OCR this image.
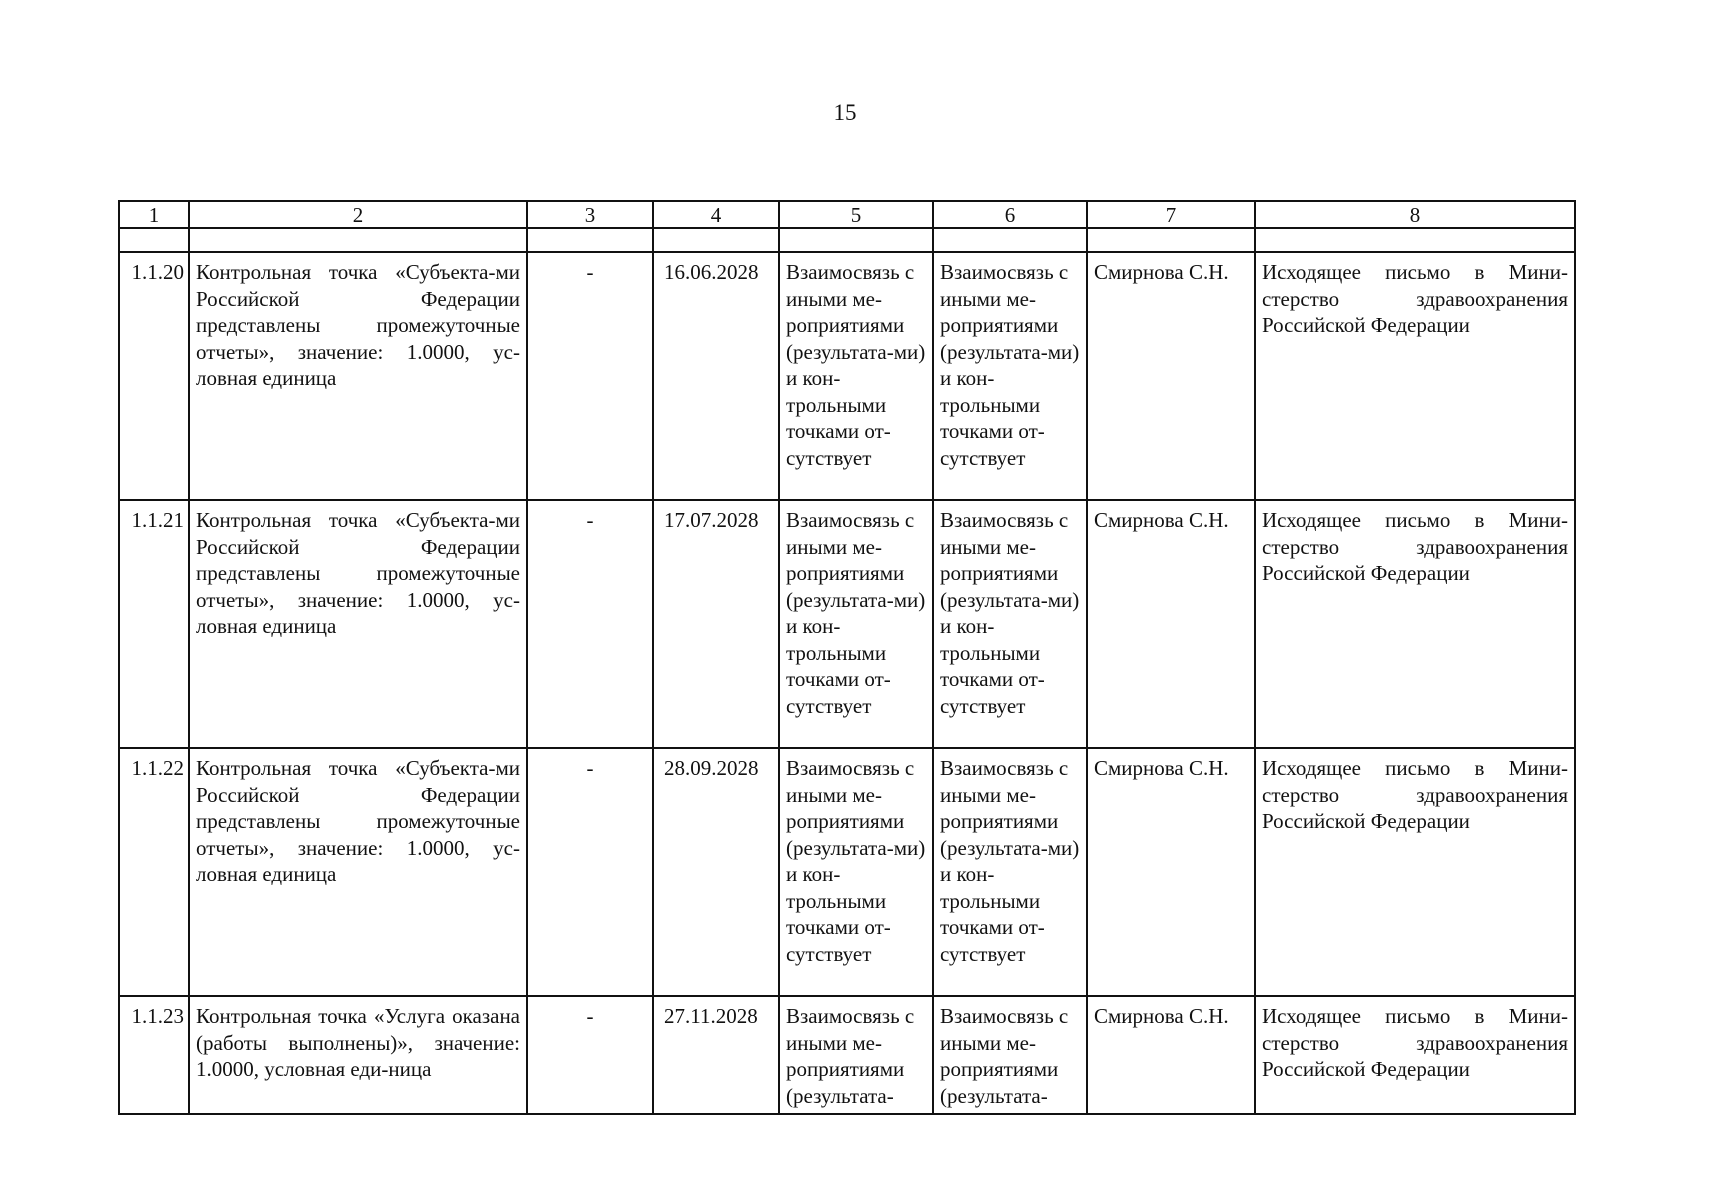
15
1	2	3	4	5	6	7	8

1.1.20	Контрольная точка «Субъекта-ми Российской Федерации представлены промежуточные отчеты», значение: 1.0000, ус-ловная единица	-	16.06.2028	Взаимосвязь с иными ме-роприятиями (результата-ми) и кон-трольными точками от-сутствует	Взаимосвязь с иными ме-роприятиями (результата-ми) и кон-трольными точками от-сутствует	Смирнова С.Н.	Исходящее письмо в Мини-стерство здравоохранения Российской Федерации
1.1.21	Контрольная точка «Субъекта-ми Российской Федерации представлены промежуточные отчеты», значение: 1.0000, ус-ловная единица	-	17.07.2028	Взаимосвязь с иными ме-роприятиями (результата-ми) и кон-трольными точками от-сутствует	Взаимосвязь с иными ме-роприятиями (результата-ми) и кон-трольными точками от-сутствует	Смирнова С.Н.	Исходящее письмо в Мини-стерство здравоохранения Российской Федерации
1.1.22	Контрольная точка «Субъекта-ми Российской Федерации представлены промежуточные отчеты», значение: 1.0000, ус-ловная единица	-	28.09.2028	Взаимосвязь с иными ме-роприятиями (результата-ми) и кон-трольными точками от-сутствует	Взаимосвязь с иными ме-роприятиями (результата-ми) и кон-трольными точками от-сутствует	Смирнова С.Н.	Исходящее письмо в Мини-стерство здравоохранения Российской Федерации
1.1.23	Контрольная точка «Услуга оказана (работы выполнены)», значение: 1.0000, условная еди-ница	-	27.11.2028	Взаимосвязь с иными ме-роприятиями (результата-	Взаимосвязь с иными ме-роприятиями (результата-	Смирнова С.Н.	Исходящее письмо в Мини-стерство здравоохранения Российской Федерации
